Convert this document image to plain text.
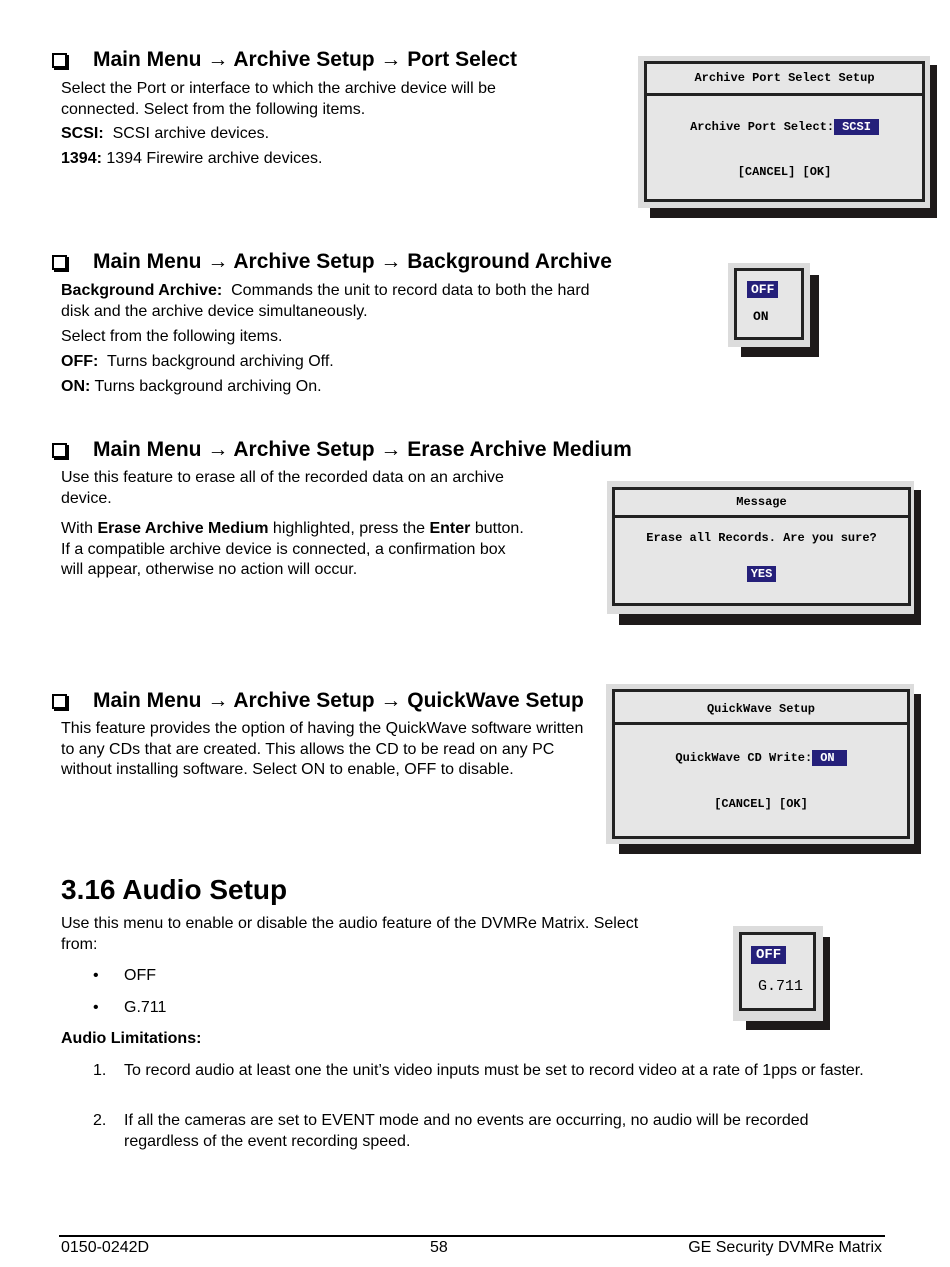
Main Menu → Archive Setup → Port Select
Select the Port or interface to which the archive device will be connected. Select from the following items.
SCSI: SCSI archive devices.
1394: 1394 Firewire archive devices.
Archive Port Select Setup
Archive Port Select: SCSI
[CANCEL] [OK]
Main Menu → Archive Setup → Background Archive
Background Archive: Commands the unit to record data to both the hard disk and the archive device simultaneously.
Select from the following items.
OFF: Turns background archiving Off.
ON: Turns background archiving On.
OFF
ON
Main Menu → Archive Setup → Erase Archive Medium
Use this feature to erase all of the recorded data on an archive device.
With Erase Archive Medium highlighted, press the Enter button. If a compatible archive device is connected, a confirmation box will appear, otherwise no action will occur.
Message
Erase all Records. Are you sure?
YES
Main Menu → Archive Setup → QuickWave Setup
This feature provides the option of having the QuickWave software written to any CDs that are created. This allows the CD to be read on any PC without installing software. Select ON to enable, OFF to disable.
QuickWave Setup
QuickWave CD Write: ON
[CANCEL] [OK]
3.16 Audio Setup
Use this menu to enable or disable the audio feature of the DVMRe Matrix. Select from:
• OFF
• G.711
Audio Limitations:
1. To record audio at least one the unit’s video inputs must be set to record video at a rate of 1pps or faster.
2. If all the cameras are set to EVENT mode and no events are occurring, no audio will be recorded regardless of the event recording speed.
OFF
G.711
0150-0242D	58	GE Security DVMRe Matrix
